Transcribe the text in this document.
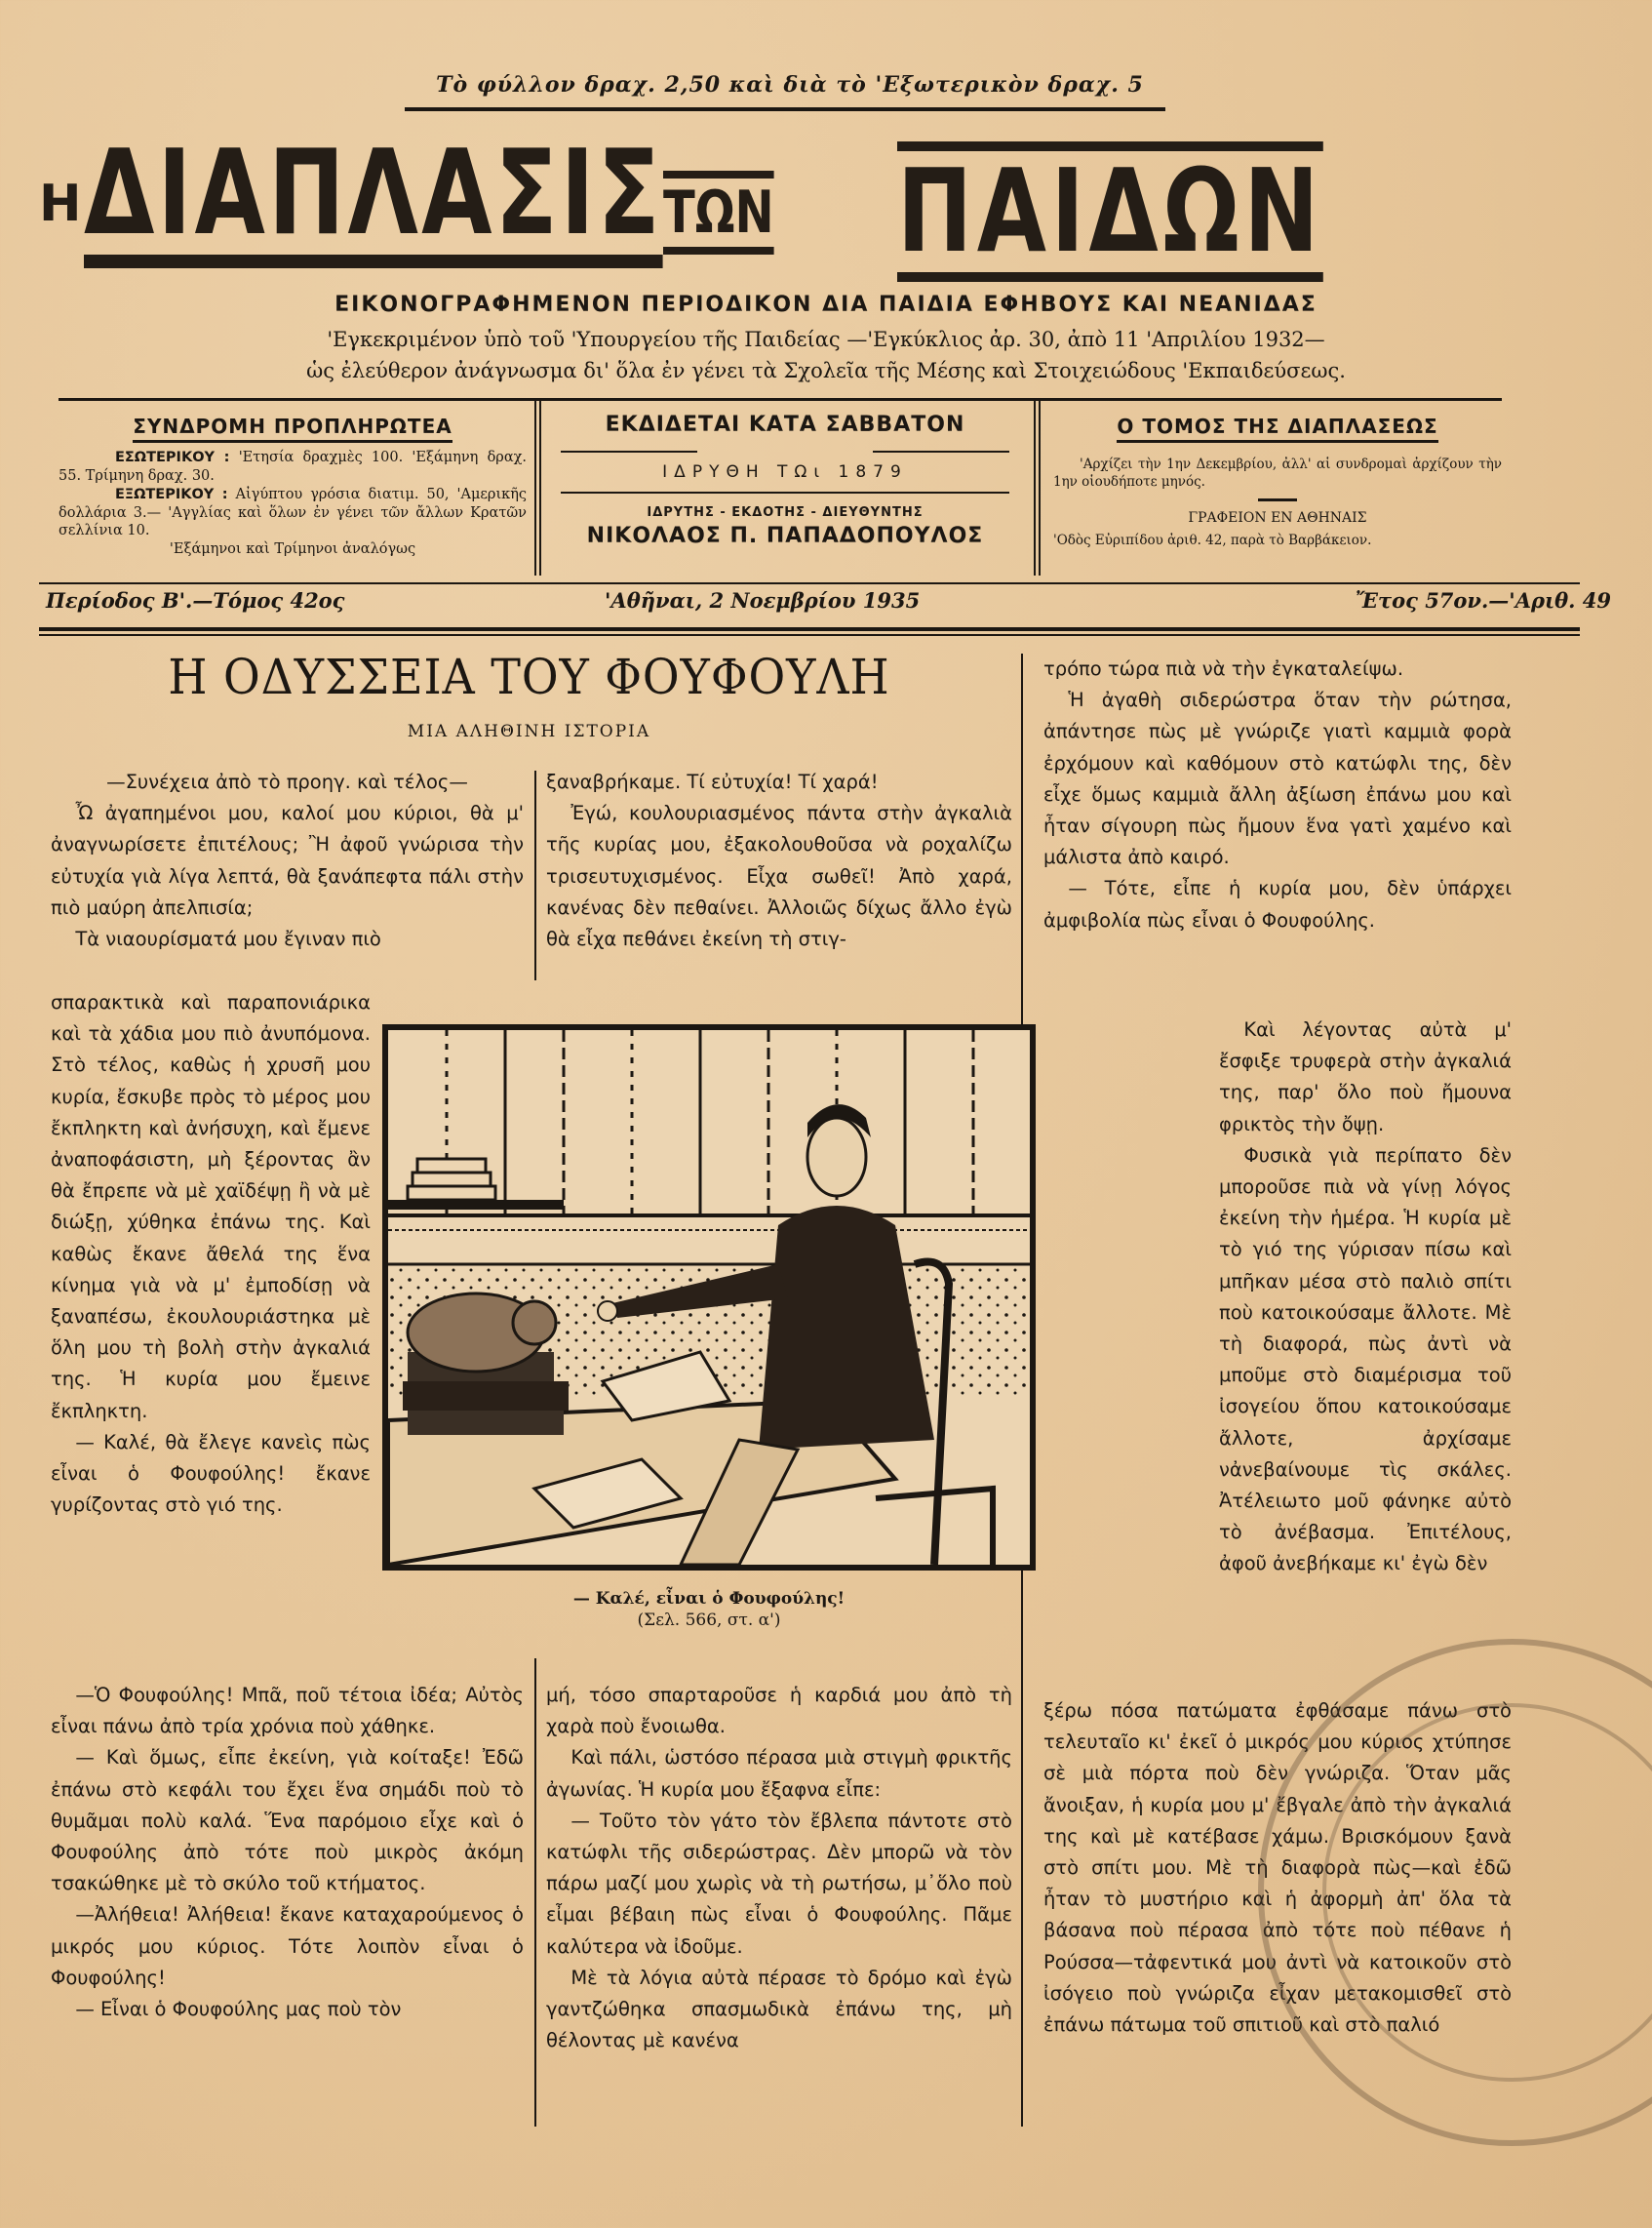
Τὸ φύλλον δραχ. 2,50 καὶ διὰ τὸ 'Εξωτερικὸν δραχ. 5
Η ΔΙΑΠΛΑΣΙΣ ΤΩΝ ΠΑΙΔΩΝ
ΕΙΚΟΝΟΓΡΑΦΗΜΕΝΟΝ ΠΕΡΙΟΔΙΚΟΝ ΔΙΑ ΠΑΙΔΙΑ ΕΦΗΒΟΥΣ ΚΑΙ ΝΕΑΝΙΔΑΣ
'Εγκεκριμένον ὑπὸ τοῦ 'Υπουργείου τῆς Παιδείας —'Εγκύκλιος ἀρ. 30, ἀπὸ 11 'Απριλίου 1932—
ὡς ἐλεύθερον ἀνάγνωσμα δι' ὅλα ἐν γένει τὰ Σχολεῖα τῆς Μέσης καὶ Στοιχειώδους 'Εκπαιδεύσεως.
ΣΥΝΔΡΟΜΗ ΠΡΟΠΛΗΡΩΤΕΑ
ΕΣΩΤΕΡΙΚΟΥ : 'Ετησία δραχμὲς 100. 'Εξάμηνη δραχ. 55. Τρίμηνη δραχ. 30.
ΕΞΩΤΕΡΙΚΟΥ : Αἰγύπτου γρόσια διατιμ. 50, 'Αμερικῆς δολλάρια 3.— 'Αγγλίας καὶ ὅλων ἐν γένει τῶν ἄλλων Κρατῶν σελλίνια 10.
'Εξάμηνοι καὶ Τρίμηνοι ἀναλόγως
ΕΚΔΙΔΕΤΑΙ ΚΑΤΑ ΣΑΒΒΑΤΟΝ
ΙΔΡΥΘΗ ΤΩι 1879
ΙΔΡΥΤΗΣ - ΕΚΔΟΤΗΣ - ΔΙΕΥΘΥΝΤΗΣ
ΝΙΚΟΛΑΟΣ Π. ΠΑΠΑΔΟΠΟΥΛΟΣ
Ο ΤΟΜΟΣ ΤΗΣ ΔΙΑΠΛΑΣΕΩΣ
'Αρχίζει τὴν 1ην Δεκεμβρίου, ἀλλ' αἱ συνδρομαὶ ἀρχίζουν τὴν 1ην οἱουδήποτε μηνός.
ΓΡΑΦΕΙΟΝ ΕΝ ΑΘΗΝΑΙΣ
'Οδὸς Εὐριπίδου ἀριθ. 42, παρὰ τὸ Βαρβάκειον.
Περίοδος Β'.—Τόμος 42ος	'Αθῆναι, 2 Νοεμβρίου 1935	Ἔτος 57ον.—'Αριθ. 49
Η ΟΔΥΣΣΕΙΑ ΤΟΥ ΦΟΥΦΟΥΛΗ
ΜΙΑ ΑΛΗΘΙΝΗ ΙΣΤΟΡΙΑ

—Συνέχεια ἀπὸ τὸ προηγ. καὶ τέλος—

Ὦ ἀγαπημένοι μου, καλοί μου κύριοι, θὰ μ' ἀναγνωρίσετε ἐπιτέλους; Ἢ ἀφοῦ γνώρισα τὴν εὐτυχία γιὰ λίγα λεπτά, θὰ ξανάπεφτα πάλι στὴν πιὸ μαύρη ἀπελπισία;

Τὰ νιαουρίσματά μου ἔγιναν πιὸ

σπαρακτικὰ καὶ παραπονιάρικα καὶ τὰ χάδια μου πιὸ ἀνυπόμονα. Στὸ τέλος, καθὼς ἡ χρυσῆ μου κυρία, ἔσκυβε πρὸς τὸ μέρος μου ἔκπληκτη καὶ ἀνήσυχη, καὶ ἔμενε ἀναποφάσιστη, μὴ ξέροντας ἂν θὰ ἔπρεπε νὰ μὲ χαϊδέψῃ ἢ νὰ μὲ διώξῃ, χύθηκα ἐπάνω της. Καὶ καθὼς ἔκανε ἄθελά της ἕνα κίνημα γιὰ νὰ μ' ἐμποδίσῃ νὰ ξαναπέσω, ἐκουλουριάστηκα μὲ ὅλη μου τὴ βολὴ στὴν ἀγκαλιά της. Ἡ κυρία μου ἔμεινε ἔκπληκτη.

— Καλέ, θὰ ἔλεγε κανεὶς πὼς εἶναι ὁ Φουφούλης! ἔκανε γυρίζοντας στὸ γιό της.

—Ὁ Φουφούλης! Μπᾶ, ποῦ τέτοια ἰδέα; Αὐτὸς εἶναι πάνω ἀπὸ τρία χρόνια ποὺ χάθηκε.

— Καὶ ὅμως, εἶπε ἐκείνη, γιὰ κοίταξε! Ἐδῶ ἐπάνω στὸ κεφάλι του ἔχει ἕνα σημάδι ποὺ τὸ θυμᾶμαι πολὺ καλά. Ἕνα παρόμοιο εἶχε καὶ ὁ Φουφούλης ἀπὸ τότε ποὺ μικρὸς ἀκόμη τσακώθηκε μὲ τὸ σκύλο τοῦ κτήματος.

—Ἀλήθεια! Ἀλήθεια! ἔκανε καταχαρούμενος ὁ μικρός μου κύριος. Τότε λοιπὸν εἶναι ὁ Φουφούλης!

— Εἶναι ὁ Φουφούλης μας ποὺ τὸν

ξαναβρήκαμε. Τί εὐτυχία! Τί χαρά!

Ἐγώ, κουλουριασμένος πάντα στὴν ἀγκαλιὰ τῆς κυρίας μου, ἐξακολουθοῦσα νὰ ροχαλίζω τρισευτυχισμένος. Εἶχα σωθεῖ! Ἀπὸ χαρά, κανένας δὲν πεθαίνει. Ἀλλοιῶς δίχως ἄλλο ἐγὼ θὰ εἶχα πεθάνει ἐκείνη τὴ στιγ-

μή, τόσο σπαρταροῦσε ἡ καρδιά μου ἀπὸ τὴ χαρὰ ποὺ ἔνοιωθα.

Καὶ πάλι, ὡστόσο πέρασα μιὰ στιγμὴ φρικτῆς ἀγωνίας. Ἡ κυρία μου ἔξαφνα εἶπε:

— Τοῦτο τὸν γάτο τὸν ἔβλεπα πάντοτε στὸ κατώφλι τῆς σιδερώστρας. Δὲν μπορῶ νὰ τὸν πάρω μαζί μου χωρὶς νὰ τὴ ρωτήσω, μ᾿ὅλο ποὺ εἶμαι βέβαιη πὼς εἶναι ὁ Φουφούλης. Πᾶμε καλύτερα νὰ ἰδοῦμε.

Μὲ τὰ λόγια αὐτὰ πέρασε τὸ δρόμο καὶ ἐγὼ γαντζώθηκα σπασμωδικὰ ἐπάνω της, μὴ θέλοντας μὲ κανένα

τρόπο τώρα πιὰ νὰ τὴν ἐγκαταλείψω.

Ἡ ἀγαθὴ σιδερώστρα ὅταν τὴν ρώτησα, ἀπάντησε πὼς μὲ γνώριζε γιατὶ καμμιὰ φορὰ ἐρχόμουν καὶ καθόμουν στὸ κατώφλι της, δὲν εἶχε ὅμως καμμιὰ ἄλλη ἀξίωση ἐπάνω μου καὶ ἦταν σίγουρη πὼς ἤμουν ἕνα γατὶ χαμένο καὶ μάλιστα ἀπὸ καιρό.

— Τότε, εἶπε ἡ κυρία μου, δὲν ὑπάρχει ἀμφιβολία πὼς εἶναι ὁ Φουφούλης.

Καὶ λέγοντας αὐτὰ μ' ἔσφιξε τρυφερὰ στὴν ἀγκαλιά της, παρ' ὅλο ποὺ ἤμουνα φρικτὸς τὴν ὄψῃ.

Φυσικὰ γιὰ περίπατο δὲν μποροῦσε πιὰ νὰ γίνῃ λόγος ἐκείνη τὴν ἡμέρα. Ἡ κυρία μὲ τὸ γιό της γύρισαν πίσω καὶ μπῆκαν μέσα στὸ παλιὸ σπίτι ποὺ κατοικούσαμε ἄλλοτε. Μὲ τὴ διαφορά, πὼς ἀντὶ νὰ μποῦμε στὸ διαμέρισμα τοῦ ἰσογείου ὅπου κατοικούσαμε ἄλλοτε, ἀρχίσαμε νἀνεβαίνουμε τὶς σκάλες. Ἀτέλειωτο μοῦ φάνηκε αὐτὸ τὸ ἀνέβασμα. Ἐπιτέλους, ἀφοῦ ἀνεβήκαμε κι' ἐγὼ δὲν

ξέρω πόσα πατώματα ἐφθάσαμε πάνω στὸ τελευταῖο κι' ἐκεῖ ὁ μικρός μου κύριος χτύπησε σὲ μιὰ πόρτα ποὺ δὲν γνώριζα. Ὅταν μᾶς ἄνοιξαν, ἡ κυρία μου μ' ἔβγαλε ἀπὸ τὴν ἀγκαλιά της καὶ μὲ κατέβασε χάμω. Βρισκόμουν ξανὰ στὸ σπίτι μου. Μὲ τὴ διαφορὰ πὼς—καὶ ἐδῶ ἦταν τὸ μυστήριο καὶ ἡ ἀφορμὴ ἀπ' ὅλα τὰ βάσανα ποὺ πέρασα ἀπὸ τότε ποὺ πέθανε ἡ Ρούσσα—τἀφεντικά μου ἀντὶ νὰ κατοικοῦν στὸ ἰσόγειο ποὺ γνώριζα εἶχαν μετακομισθεῖ στὸ ἐπάνω πάτωμα τοῦ σπιτιοῦ καὶ στὸ παλιό

— Καλέ, εἶναι ὁ Φουφούλης!
(Σελ. 566, στ. α')
